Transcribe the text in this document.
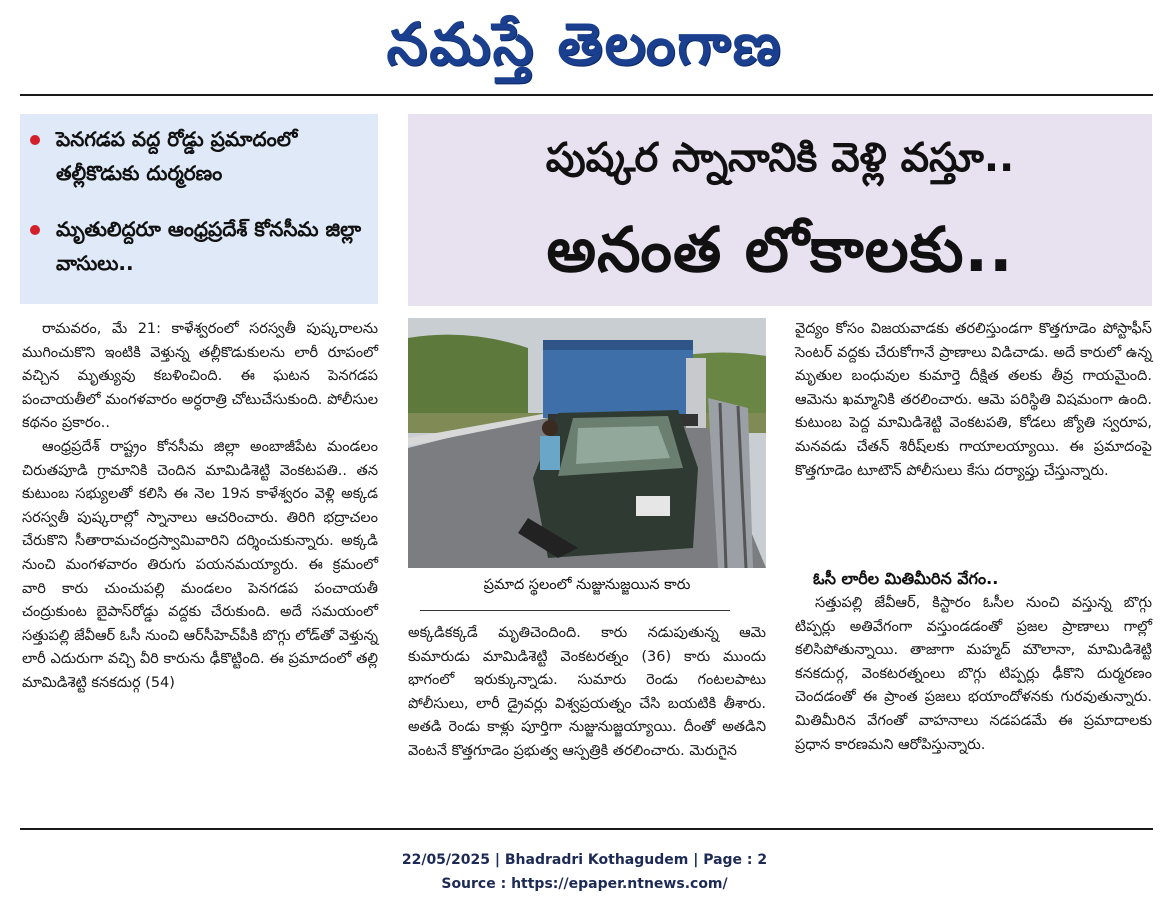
నమస్తే తెలంగాణ
పెనగడప వద్ద రోడ్డు ప్రమాదంలో తల్లీకొడుకు దుర్మరణం
మృతులిద్దరూ ఆంధ్రప్రదేశ్ కోనసీమ జిల్లా వాసులు..
పుష్కర స్నానానికి వెళ్లి వస్తూ..
అనంత లోకాలకు..

రామవరం, మే 21: కాళేశ్వరంలో సరస్వతీ పుష్కరాలను ముగించుకొని ఇంటికి వెళ్తున్న తల్లీకొడుకులను లారీ రూపంలో వచ్చిన మృత్యువు కబళించింది. ఈ ఘటన పెనగడప పంచాయతీలో మంగళవారం అర్ధరాత్రి చోటుచేసుకుంది. పోలీసుల కథనం ప్రకారం..

ఆంధ్రప్రదేశ్ రాష్ట్రం కోనసీమ జిల్లా అంబాజీపేట మండలం చిరుతపూడి గ్రామానికి చెందిన మామిడిశెట్టి వెంకటపతి.. తన కుటుంబ సభ్యులతో కలిసి ఈ నెల 19న కాళేశ్వరం వెళ్లి అక్కడ సరస్వతీ పుష్కరాల్లో స్నానాలు ఆచరించారు. తిరిగి భద్రాచలం చేరుకొని సీతారామచంద్రస్వామివారిని దర్శించుకున్నారు. అక్కడి నుంచి మంగళవారం తిరుగు పయనమయ్యారు. ఈ క్రమంలో వారి కారు చుంచుపల్లి మండలం పెనగడప పంచాయతీ చంద్రుకుంట బైపాస్‌రోడ్డు వద్దకు చేరుకుంది. అదే సమయంలో సత్తుపల్లి జేవీఆర్ ఓసీ నుంచి ఆర్‌సీహెచ్‌పీకి బొగ్గు లోడ్‌తో వెళ్తున్న లారీ ఎదురుగా వచ్చి వీరి కారును ఢీకొట్టింది. ఈ ప్రమాదంలో తల్లి మామిడిశెట్టి కనకదుర్గ (54)

ప్రమాద స్థలంలో నుజ్జునుజ్జయిన కారు

అక్కడికక్కడే మృతిచెందింది. కారు నడుపుతున్న ఆమె కుమారుడు మామిడిశెట్టి వెంకటరత్నం (36) కారు ముందు భాగంలో ఇరుక్కున్నాడు. సుమారు రెండు గంటలపాటు పోలీసులు, లారీ డ్రైవర్లు విశ్వప్రయత్నం చేసి బయటికి తీశారు. అతడి రెండు కాళ్లు పూర్తిగా నుజ్జునుజ్జయ్యాయి. దీంతో అతడిని వెంటనే కొత్తగూడెం ప్రభుత్వ ఆస్పత్రికి తరలించారు. మెరుగైన

వైద్యం కోసం విజయవాడకు తరలిస్తుండగా కొత్తగూడెం పోస్టాఫీస్ సెంటర్ వద్దకు చేరుకోగానే ప్రాణాలు విడిచాడు. అదే కారులో ఉన్న మృతుల బంధువుల కుమార్తె దీక్షిత తలకు తీవ్ర గాయమైంది. ఆమెను ఖమ్మానికి తరలించారు. ఆమె పరిస్థితి విషమంగా ఉంది. కుటుంబ పెద్ద మామిడిశెట్టి వెంకటపతి, కోడలు జ్యోతి స్వరూప, మనవడు చేతన్ శిరీష్‌లకు గాయాలయ్యాయి. ఈ ప్రమాదంపై కొత్తగూడెం టూటౌన్ పోలీసులు కేసు దర్యాప్తు చేస్తున్నారు.

ఓసీ లారీల మితిమీరిన వేగం..

సత్తుపల్లి జేవీఆర్, కిస్టారం ఓసీల నుంచి వస్తున్న బొగ్గు టిప్పర్లు అతివేగంగా వస్తుండడంతో ప్రజల ప్రాణాలు గాల్లో కలిసిపోతున్నాయి. తాజాగా మహ్మద్ మౌలానా, మామిడిశెట్టి కనకదుర్గ, వెంకటరత్నంలు బొగ్గు టిప్పర్లు ఢీకొని దుర్మరణం చెందడంతో ఈ ప్రాంత ప్రజలు భయాందోళనకు గురవుతున్నారు. మితిమీరిన వేగంతో వాహనాలు నడపడమే ఈ ప్రమాదాలకు ప్రధాన కారణమని ఆరోపిస్తున్నారు.

22/05/2025 | Bhadradri Kothagudem | Page : 2
Source : https://epaper.ntnews.com/
